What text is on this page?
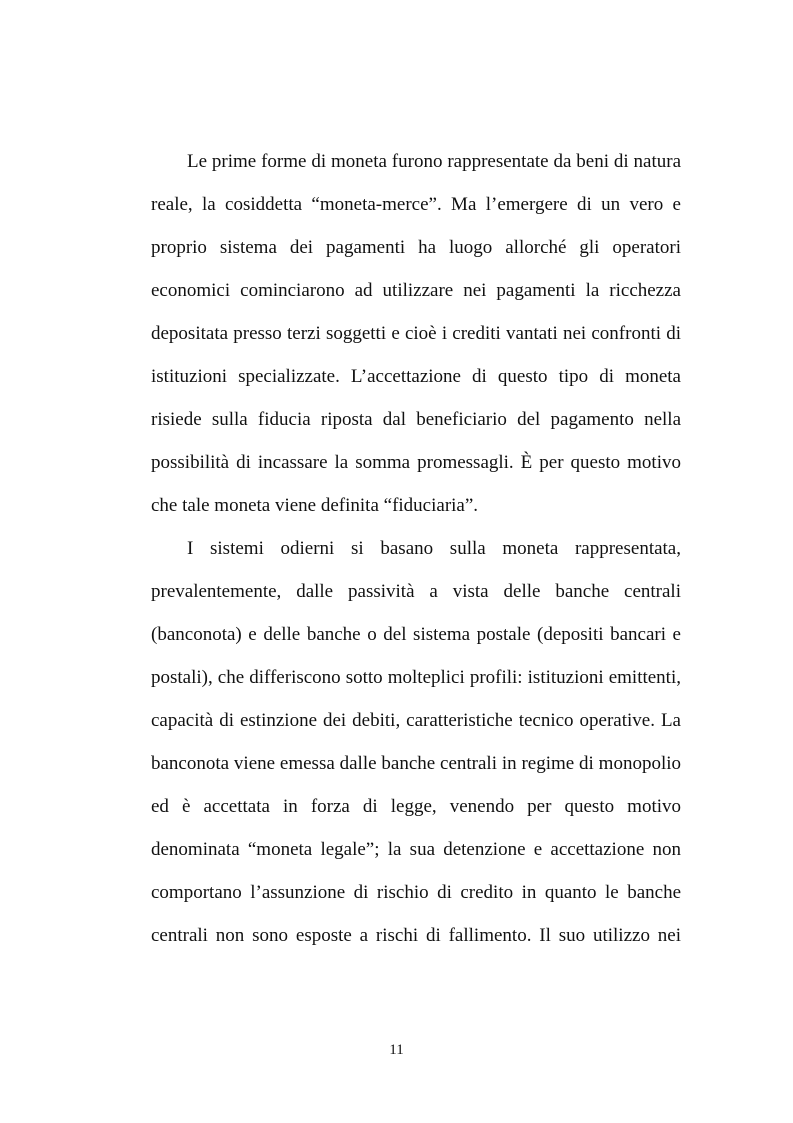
Le prime forme di moneta furono rappresentate da beni di natura
reale, la cosiddetta “moneta-merce”. Ma l’emergere di un vero e
proprio sistema dei pagamenti ha luogo allorché gli operatori
economici cominciarono ad utilizzare nei pagamenti la ricchezza
depositata presso terzi soggetti e cioè i crediti vantati nei confronti di
istituzioni specializzate. L’accettazione di questo tipo di moneta
risiede sulla fiducia riposta dal beneficiario del pagamento nella
possibilità di incassare la somma promessagli. È per questo motivo
che tale moneta viene definita “fiduciaria”.
I sistemi odierni si basano sulla moneta rappresentata,
prevalentemente, dalle passività a vista delle banche centrali
(banconota) e delle banche o del sistema postale (depositi bancari e
postali), che differiscono sotto molteplici profili: istituzioni emittenti,
capacità di estinzione dei debiti, caratteristiche tecnico operative. La
banconota viene emessa dalle banche centrali in regime di monopolio
ed è accettata in forza di legge, venendo per questo motivo
denominata “moneta legale”; la sua detenzione e accettazione non
comportano l’assunzione di rischio di credito in quanto le banche
centrali non sono esposte a rischi di fallimento. Il suo utilizzo nei
11
